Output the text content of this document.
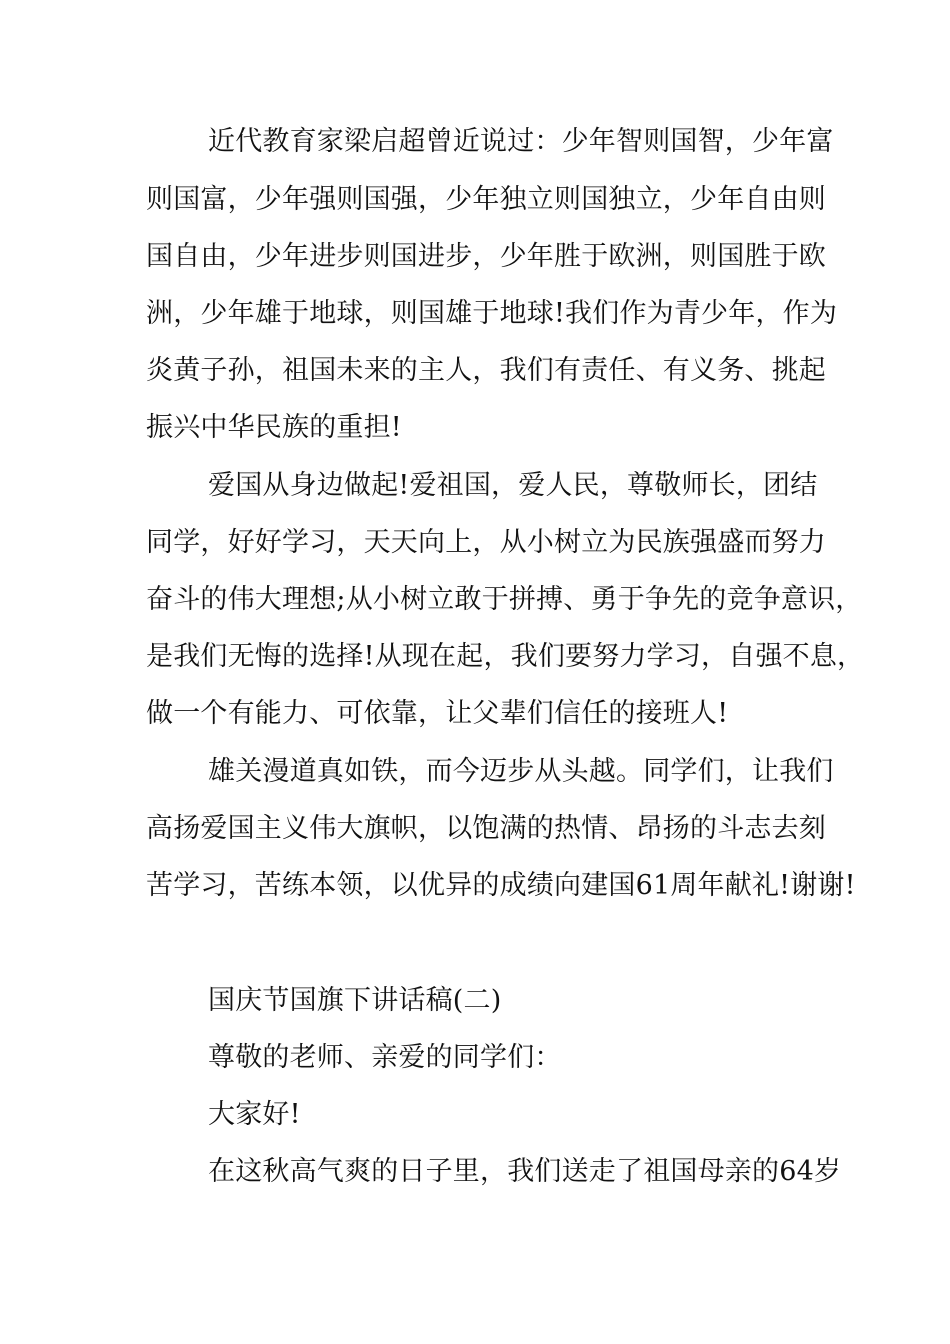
近代教育家梁启超曾近说过：少年智则国智，少年富
则国富，少年强则国强，少年独立则国独立，少年自由则
国自由，少年进步则国进步，少年胜于欧洲，则国胜于欧
洲，少年雄于地球，则国雄于地球!我们作为青少年，作为
炎黄子孙，祖国未来的主人，我们有责任、有义务、挑起
振兴中华民族的重担!
爱国从身边做起!爱祖国，爱人民，尊敬师长，团结
同学，好好学习，天天向上，从小树立为民族强盛而努力
奋斗的伟大理想;从小树立敢于拼搏、勇于争先的竞争意识，
是我们无悔的选择!从现在起，我们要努力学习，自强不息，
做一个有能力、可依靠，让父辈们信任的接班人!
雄关漫道真如铁，而今迈步从头越。同学们，让我们
高扬爱国主义伟大旗帜，以饱满的热情、昂扬的斗志去刻
苦学习，苦练本领，以优异的成绩向建国61周年献礼!谢谢!
国庆节国旗下讲话稿(二)
尊敬的老师、亲爱的同学们：
大家好!
在这秋高气爽的日子里，我们送走了祖国母亲的64岁
